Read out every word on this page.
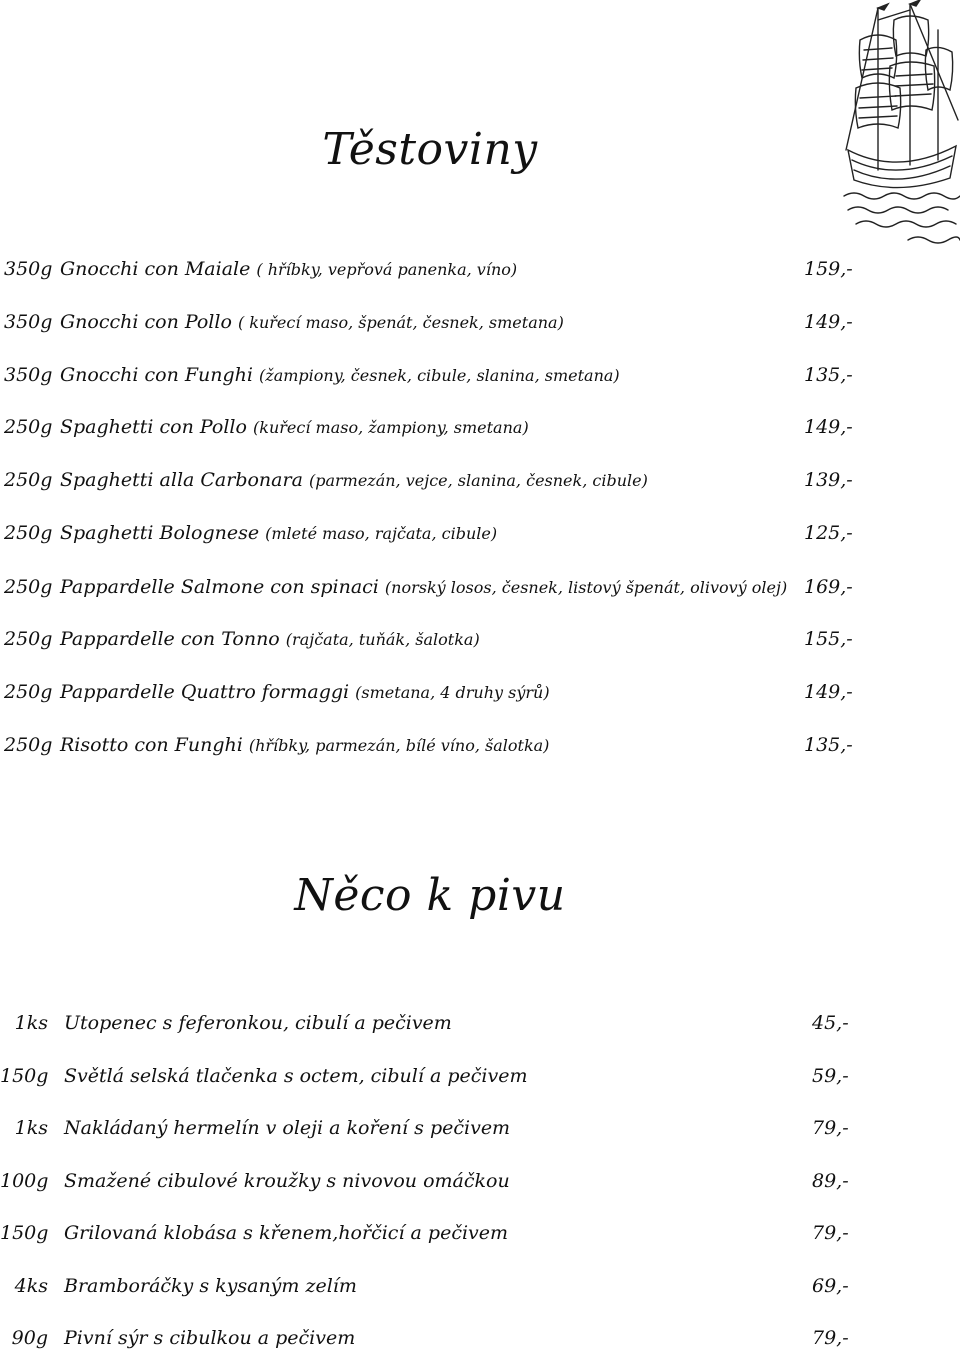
Těstoviny
350g Gnocchi con Maiale ( hříbky, vepřová panenka, víno)	159,-
350g Gnocchi con Pollo ( kuřecí maso, špenát, česnek, smetana)	149,-
350g Gnocchi con Funghi (žampiony, česnek, cibule, slanina, smetana)	135,-
250g Spaghetti con Pollo (kuřecí maso, žampiony, smetana)	149,-
250g Spaghetti alla Carbonara (parmezán, vejce, slanina, česnek, cibule)	139,-
250g Spaghetti Bolognese (mleté maso, rajčata, cibule)	125,-
250g Pappardelle Salmone con spinaci (norský losos, česnek, listový špenát, olivový olej) 169,-
250g Pappardelle con Tonno (rajčata, tuňák, šalotka)	155,-
250g Pappardelle Quattro formaggi (smetana, 4 druhy sýrů)	149,-
250g Risotto con Funghi (hříbky, parmezán, bílé víno, šalotka)	135,-
Něco k pivu
1ks Utopenec s feferonkou, cibulí a pečivem	45,-
150g Světlá selská tlačenka s octem, cibulí a pečivem	59,-
1ks Nakládaný hermelín v oleji a koření s pečivem	79,-
100g Smažené cibulové kroužky s nivovou omáčkou	89,-
150g Grilovaná klobása s křenem,hořčicí a pečivem	79,-
4ks Bramboráčky s kysaným zelím	69,-
90g Pivní sýr s cibulkou a pečivem	79,-
